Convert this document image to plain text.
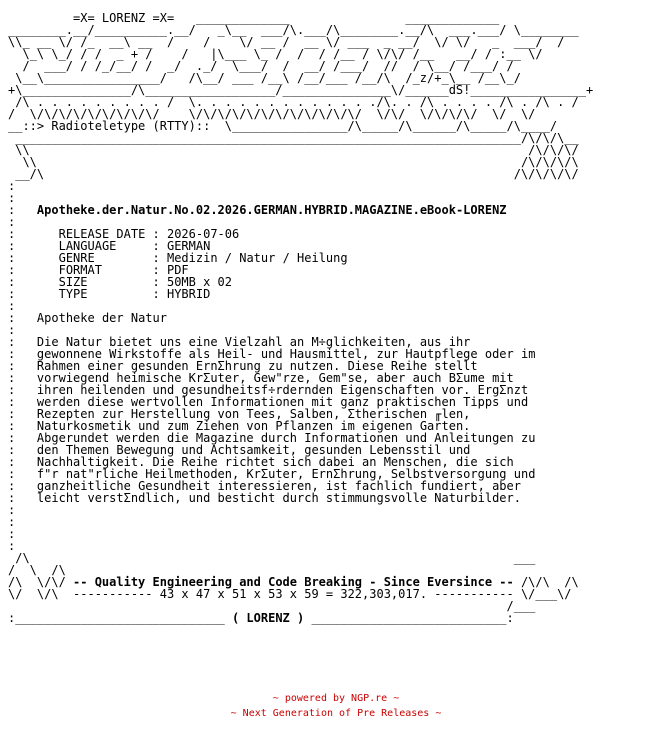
=X= LORENZ =X=   _____________                _____________
________.__/__________.__/   _\__  ___/\.___/\________.__/\  ___.___/ \________
\\_ __ \/ /_  __\ __  /    /    \/ __ /  __ \/ ___  _ __/  \/ \/   _  ___/  /
\_\ \_/ / /  _ + /    /   |\___ \_ /  /  / /__ / \/\/ /__   __/ / :__ \/
/  ___/ / /_/__/ /  _/  ._/  \___/  /  __/ /___/  //  / \__/ /___/ /
\__\________________/   /\__/ ___ /__\ /__/___ /__/\  /_z/+_\__ /__\_/
+\_______________/\__________________/_______________\/______dS!________________+
/\ . . . . . . . . . /  \. . . . . . . . . . . . ./\. . /\ . . . . /\ . /\ . /
/  \/\/\/\/\/\/\/\/\/    \/\/\/\/\/\/\/\/\/\/\/\/  \/\/  \/\/\/\/  \/  \/
__::> Radioteletype (RTTY)::  \________________/\_____/\______/\_____/\____/
______________________________________________________________________/\/\/\__
\\                                                                     /\/\/\/
\\                                                                   /\/\/\/\
__/\                                                                 /\/\/\/\/
:
:
: Apotheke.der.Natur.No.02.2026.GERMAN.HYBRID.MAGAZINE.eBook-LORENZ
:
:	RELEASE DATE : 2026-07-06
:	LANGUAGE     : GERMAN
:	GENRE        : Medizin / Natur / Heilung
:	FORMAT       : PDF
:	SIZE         : 50MB x 02
:	TYPE         : HYBRID
:
: Apotheke der Natur
:
: Die Natur bietet uns eine Vielzahl an M÷glichkeiten, aus ihr
: gewonnene Wirkstoffe als Heil- und Hausmittel, zur Hautpflege oder im
: Rahmen einer gesunden ErnΣhrung zu nutzen. Diese Reihe stellt
: vorwiegend heimische KrΣuter, Gew"rze, Gem"se, aber auch BΣume mit
: ihren heilenden und gesundheitsf÷rdernden Eigenschaften vor. ErgΣnzt
: werden diese wertvollen Informationen mit ganz praktischen Tipps und
: Rezepten zur Herstellung von Tees, Salben, Σtherischen ╓len,
: Naturkosmetik und zum Ziehen von Pflanzen im eigenen Garten.
: Abgerundet werden die Magazine durch Informationen und Anleitungen zu
: den Themen Bewegung und Achtsamkeit, gesunden Lebensstil und
: Nachhaltigkeit. Die Reihe richtet sich dabei an Menschen, die sich
: f"r nat"rliche Heilmethoden, KrΣuter, ErnΣhrung, Selbstversorgung und
: ganzheitliche Gesundheit interessieren, ist fachlich fundiert, aber
: leicht verstΣndlich, und besticht durch stimmungsvolle Naturbilder.
:
:
:
:
/\                                                                   ___
/  \  /\
/\  \/\/ -- Quality Engineering and Code Breaking - Since Eversince -- /\/\  /\
\/  \/\  ----------- 43 x 47 x 51 x 53 x 59 = 322,303,017. ----------- \/___\/
/___
:_____________________________ ( LORENZ ) ___________________________:
~ powered by NGP.re ~
~ Next Generation of Pre Releases ~
